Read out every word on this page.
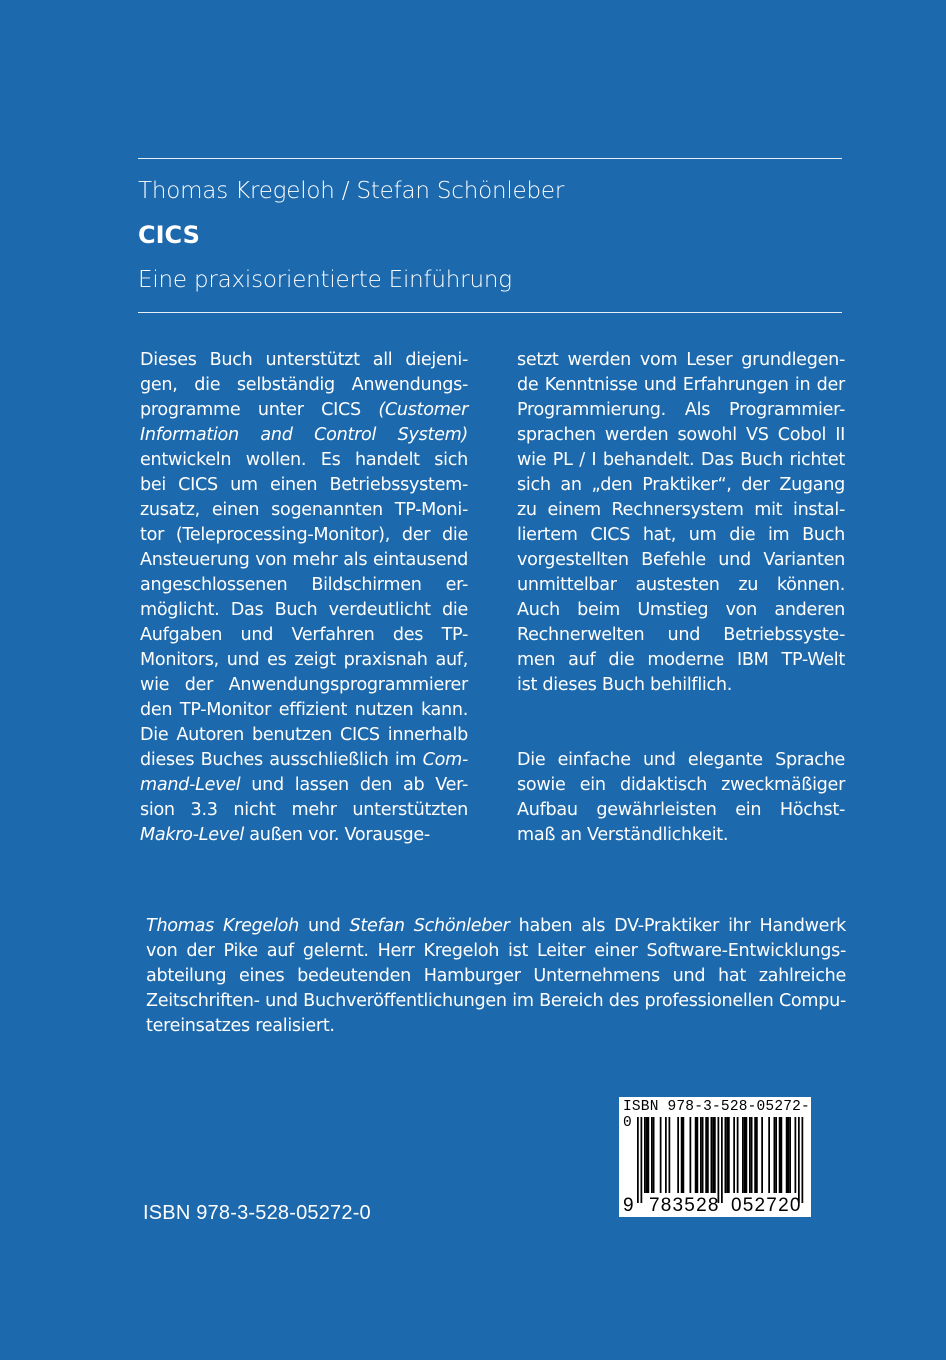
Thomas Kregeloh / Stefan Schönleber
CICS
Eine praxisorientierte Einführung
Dieses Buch unterstützt all diejeni-
gen, die selbständig Anwendungs-
programme unter CICS (Customer
Information and Control System)
entwickeln wollen. Es handelt sich
bei CICS um einen Betriebssystem-
zusatz, einen sogenannten TP-Moni-
tor (Teleprocessing-Monitor), der die
Ansteuerung von mehr als eintausend
angeschlossenen Bildschirmen er-
möglicht. Das Buch verdeutlicht die
Aufgaben und Verfahren des TP-
Monitors, und es zeigt praxisnah auf,
wie der Anwendungsprogrammierer
den TP-Monitor effizient nutzen kann.
Die Autoren benutzen CICS innerhalb
dieses Buches ausschließlich im Com-
mand-Level und lassen den ab Ver-
sion 3.3 nicht mehr unterstützten
Makro-Level außen vor. Vorausge-
setzt werden vom Leser grundlegen-
de Kenntnisse und Erfahrungen in der
Programmierung. Als Programmier-
sprachen werden sowohl VS Cobol II
wie PL / I behandelt. Das Buch richtet
sich an „den Praktiker“, der Zugang
zu einem Rechnersystem mit instal-
liertem CICS hat, um die im Buch
vorgestellten Befehle und Varianten
unmittelbar austesten zu können.
Auch beim Umstieg von anderen
Rechnerwelten und Betriebssyste-
men auf die moderne IBM TP-Welt
ist dieses Buch behilflich.
Die einfache und elegante Sprache
sowie ein didaktisch zweckmäßiger
Aufbau gewährleisten ein Höchst-
maß an Verständlichkeit.
Thomas Kregeloh und Stefan Schönleber haben als DV-Praktiker ihr Handwerk
von der Pike auf gelernt. Herr Kregeloh ist Leiter einer Software-Entwicklungs-
abteilung eines bedeutenden Hamburger Unternehmens und hat zahlreiche
Zeitschriften- und Buchveröffentlichungen im Bereich des professionellen Compu-
tereinsatzes realisiert.
ISBN 978-3-528-05272-0
ISBN 978-3-528-05272-0
9 783528 052720
